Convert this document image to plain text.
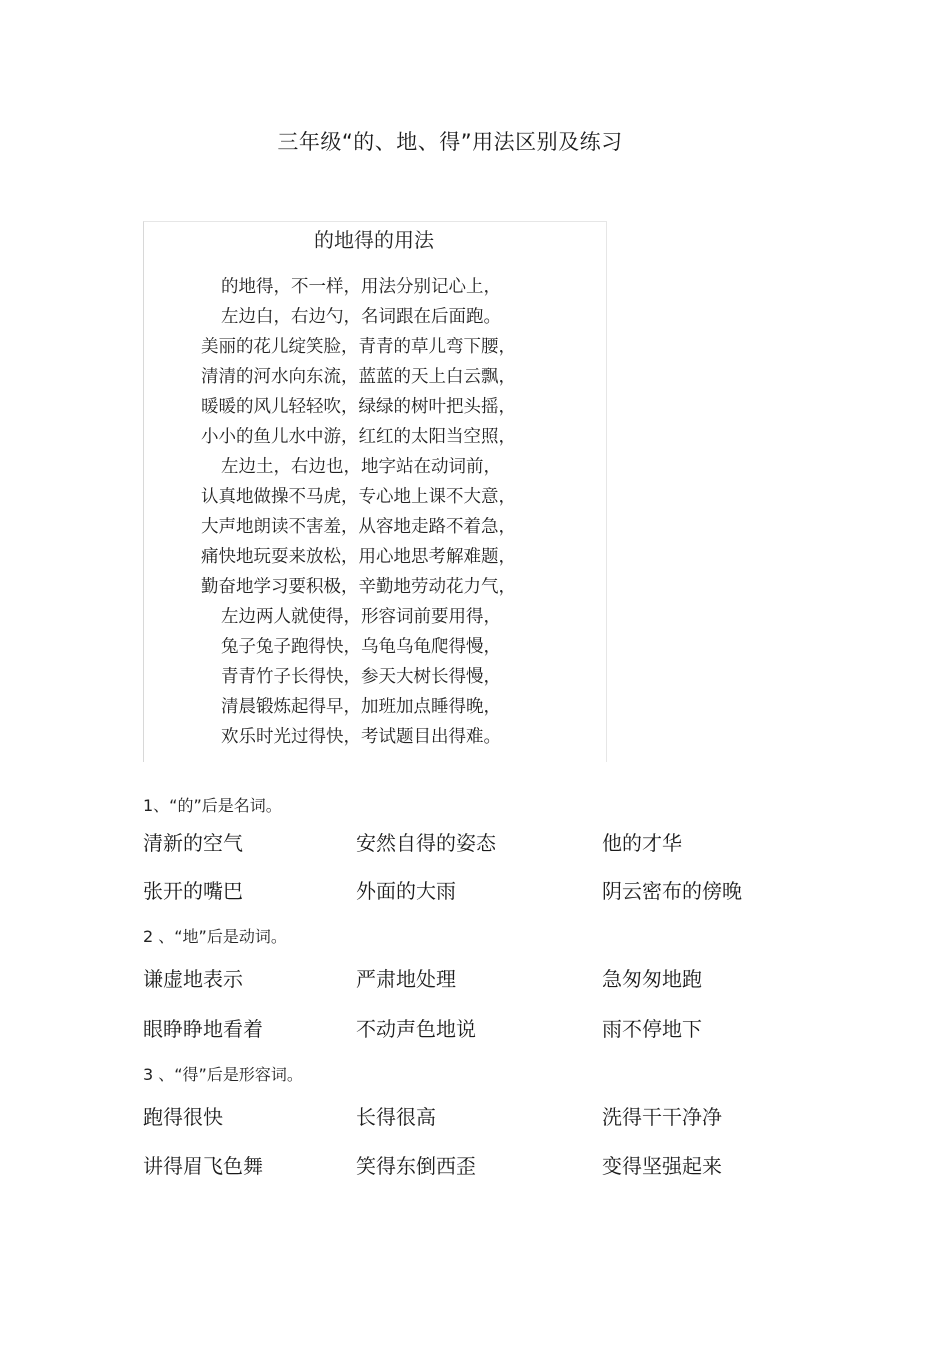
三年级“的、地、得”用法区别及练习
的地得的用法
的地得，不一样，用法分别记心上，
左边白，右边勺，名词跟在后面跑。
美丽的花儿绽笑脸，青青的草儿弯下腰，
清清的河水向东流，蓝蓝的天上白云飘，
暖暖的风儿轻轻吹，绿绿的树叶把头摇，
小小的鱼儿水中游，红红的太阳当空照，
左边土，右边也，地字站在动词前，
认真地做操不马虎，专心地上课不大意，
大声地朗读不害羞，从容地走路不着急，
痛快地玩耍来放松，用心地思考解难题，
勤奋地学习要积极，辛勤地劳动花力气，
左边两人就使得，形容词前要用得，
兔子兔子跑得快，乌龟乌龟爬得慢，
青青竹子长得快，参天大树长得慢，
清晨锻炼起得早，加班加点睡得晚，
欢乐时光过得快，考试题目出得难。
1、“的”后是名词。
清新的空气	安然自得的姿态	他的才华
张开的嘴巴	外面的大雨	阴云密布的傍晚
2 、“地”后是动词。
谦虚地表示	严肃地处理	急匆匆地跑
眼睁睁地看着	不动声色地说	雨不停地下
3 、“得”后是形容词。
跑得很快	长得很高	洗得干干净净
讲得眉飞色舞	笑得东倒西歪	变得坚强起来
